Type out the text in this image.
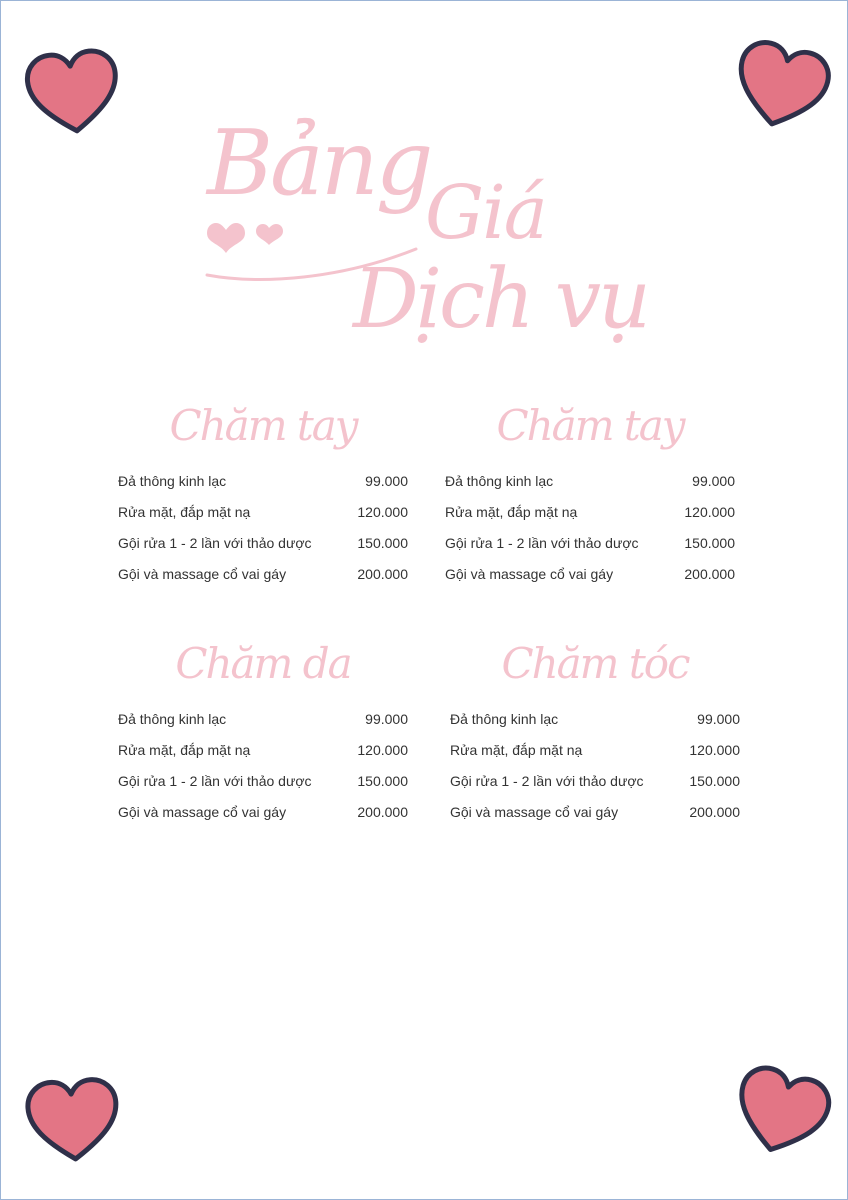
Bảng
Giá
Dịch vụ
Chăm tay
Đả thông kinh lạc	99.000
Rửa mặt, đắp mặt nạ	120.000
Gội rửa 1 - 2 lần với thảo dược	150.000
Gội và massage cổ vai gáy	200.000
Chăm tay
Đả thông kinh lạc	99.000
Rửa mặt, đắp mặt nạ	120.000
Gội rửa 1 - 2 lần với thảo dược	150.000
Gội và massage cổ vai gáy	200.000
Chăm da
Đả thông kinh lạc	99.000
Rửa mặt, đắp mặt nạ	120.000
Gội rửa 1 - 2 lần với thảo dược	150.000
Gội và massage cổ vai gáy	200.000
Chăm tóc
Đả thông kinh lạc	99.000
Rửa mặt, đắp mặt nạ	120.000
Gội rửa 1 - 2 lần với thảo dược	150.000
Gội và massage cổ vai gáy	200.000
